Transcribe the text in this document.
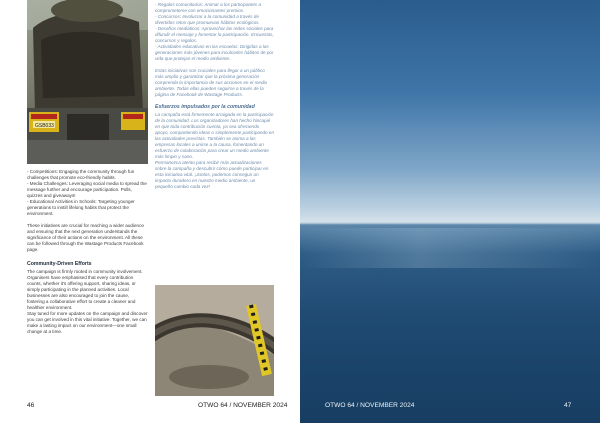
GSB033
- Competitions: Engaging the community through fun challenges that promote eco-friendly habits.
- Media Challenges: Leveraging social media to spread the message further and encourage participation. Polls, quizzes and giveaways!
- Educational Activities in Schools: Targeting younger generations to instill lifelong habits that protect the environment.

These initiatives are crucial for reaching a wider audience and ensuring that the next generation understands the significance of their actions on the environment. All these can be followed through the Wastage Products Facebook page.

Community-Driven Efforts

The campaign is firmly rooted in community involvement. Organisers have emphasised that every contribution counts, whether it's offering support, sharing ideas, or simply participating in the planned activities. Local businesses are also encouraged to join the cause, fostering a collaborative effort to create a cleaner and healthier environment.

Stay tuned for more updates on the campaign and discover you can get involved in this vital initiative. Together, we can make a lasting impact on our environment—one small change at a time.

- Regalos comunitarios: Animar a los participantes a comprometerse con emocionantes premios.
- Concursos: Involucrar a la comunidad a través de divertidos retos que promuevan hábitos ecológicos.
- Desafíos mediáticos: Aprovechar las redes sociales para difundir el mensaje y fomentar la participación. Encuestas, concursos y regalos.
- Actividades educativas en las escuelas: Dirigidas a las generaciones más jóvenes para inculcarles hábitos de por vida que protejan el medio ambiente.

Estas iniciativas son cruciales para llegar a un público más amplio y garantizar que la próxima generación comprenda la importancia de sus acciones en el medio ambiente. Todas ellas pueden seguirse a través de la página de Facebook de Wastage Products.

Esfuerzos impulsados por la comunidad

La campaña está firmemente arraigada en la participación de la comunidad. Los organizadores han hecho hincapié en que toda contribución cuenta, ya sea ofreciendo apoyo, compartiendo ideas o simplemente participando en las actividades previstas. También se anima a las empresas locales a unirse a la causa, fomentando un esfuerzo de colaboración para crear un medio ambiente más limpio y sano.

Permanezca atento para recibir más actualizaciones sobre la campaña y descubrir cómo puede participar en esta iniciativa vital. ¡Juntos, podemos conseguir un impacto duradero en nuestro medio ambiente, un pequeño cambio cada vez!

46	OTWO 64 / NOVEMBER 2024	OTWO 64 / NOVEMBER 2024	47
